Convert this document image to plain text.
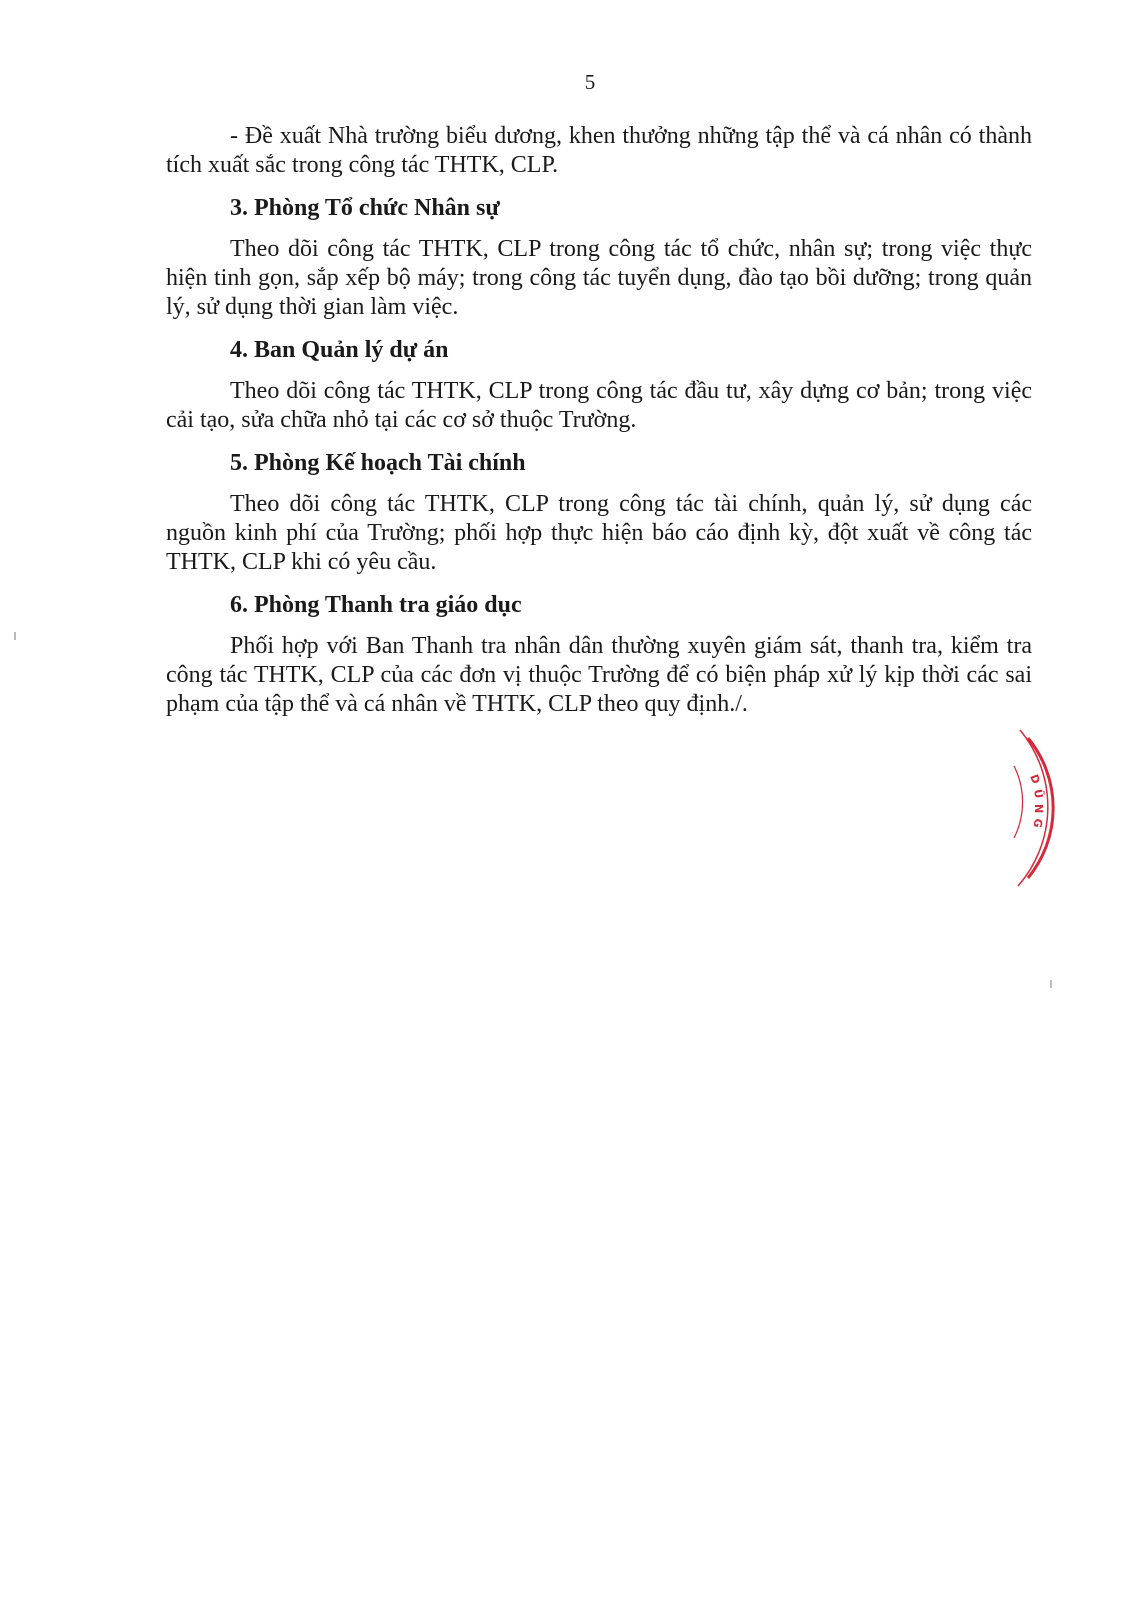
5

- Đề xuất Nhà trường biểu dương, khen thưởng những tập thể và cá nhân có thành tích xuất sắc trong công tác THTK, CLP.

3. Phòng Tổ chức Nhân sự

Theo dõi công tác THTK, CLP trong công tác tổ chức, nhân sự; trong việc thực hiện tinh gọn, sắp xếp bộ máy; trong công tác tuyển dụng, đào tạo bồi dưỡng; trong quản lý, sử dụng thời gian làm việc.

4. Ban Quản lý dự án

Theo dõi công tác THTK, CLP trong công tác đầu tư, xây dựng cơ bản; trong việc cải tạo, sửa chữa nhỏ tại các cơ sở thuộc Trường.

5. Phòng Kế hoạch Tài chính

Theo dõi công tác THTK, CLP trong công tác tài chính, quản lý, sử dụng các nguồn kinh phí của Trường; phối hợp thực hiện báo cáo định kỳ, đột xuất về công tác THTK, CLP khi có yêu cầu.

6. Phòng Thanh tra giáo dục

Phối hợp với Ban Thanh tra nhân dân thường xuyên giám sát, thanh tra, kiểm tra công tác THTK, CLP của các đơn vị thuộc Trường để có biện pháp xử lý kịp thời các sai phạm của tập thể và cá nhân về THTK, CLP theo quy định./.

D
Ũ
N
G
